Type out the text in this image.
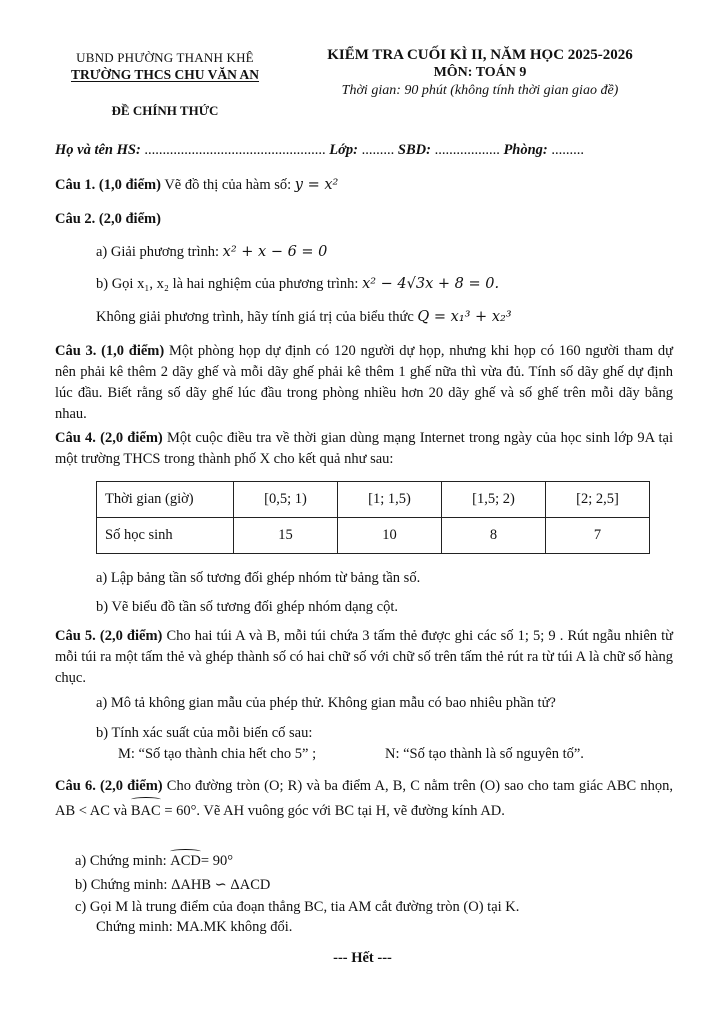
UBND PHƯỜNG THANH KHÊ
TRƯỜNG THCS CHU VĂN AN
ĐỀ CHÍNH THỨC
KIỂM TRA CUỐI KÌ II, NĂM HỌC 2025-2026
MÔN: TOÁN 9
Thời gian: 90 phút (không tính thời gian giao đề)
Họ và tên HS: .................................................. Lớp: ......... SBD: .................. Phòng: .........
Câu 1. (1,0 điểm) Vẽ đồ thị của hàm số: y = x²
Câu 2. (2,0 điểm)
a) Giải phương trình: x² + x − 6 = 0
b) Gọi x₁, x₂ là hai nghiệm của phương trình: x² − 4√3x + 8 = 0.
Không giải phương trình, hãy tính giá trị của biểu thức Q = x₁³ + x₂³
Câu 3. (1,0 điểm) Một phòng họp dự định có 120 người dự họp, nhưng khi họp có 160 người tham dự nên phải kê thêm 2 dãy ghế và mỗi dãy ghế phải kê thêm 1 ghế nữa thì vừa đủ. Tính số dãy ghế dự định lúc đầu. Biết rằng số dãy ghế lúc đầu trong phòng nhiều hơn 20 dãy ghế và số ghế trên mỗi dãy bằng nhau.
Câu 4. (2,0 điểm) Một cuộc điều tra về thời gian dùng mạng Internet trong ngày của học sinh lớp 9A tại một trường THCS trong thành phố X cho kết quả như sau:
Thời gian (giờ)	[0,5; 1)	[1; 1,5)	[1,5; 2)	[2; 2,5]
Số học sinh	15	10	8	7
a) Lập bảng tần số tương đối ghép nhóm từ bảng tần số.
b) Vẽ biểu đồ tần số tương đối ghép nhóm dạng cột.
Câu 5. (2,0 điểm) Cho hai túi A và B, mỗi túi chứa 3 tấm thẻ được ghi các số 1; 5; 9 . Rút ngẫu nhiên từ mỗi túi ra một tấm thẻ và ghép thành số có hai chữ số với chữ số trên tấm thẻ rút ra từ túi A là chữ số hàng chục.
a) Mô tả không gian mẫu của phép thử. Không gian mẫu có bao nhiêu phần tử?
b) Tính xác suất của mỗi biến cố sau:
M: “Số tạo thành chia hết cho 5” ;	N: “Số tạo thành là số nguyên tố”.
Câu 6. (2,0 điểm) Cho đường tròn (O; R) và ba điểm A, B, C nằm trên (O) sao cho tam giác ABC nhọn, AB < AC và BAC = 60°. Vẽ AH vuông góc với BC tại H, vẽ đường kính AD.
a) Chứng minh: ACD= 90°
b) Chứng minh: ΔAHB ∽ ΔACD
c) Gọi M là trung điểm của đoạn thẳng BC, tia AM cắt đường tròn (O) tại K.
Chứng minh: MA.MK không đổi.
--- Hết ---
